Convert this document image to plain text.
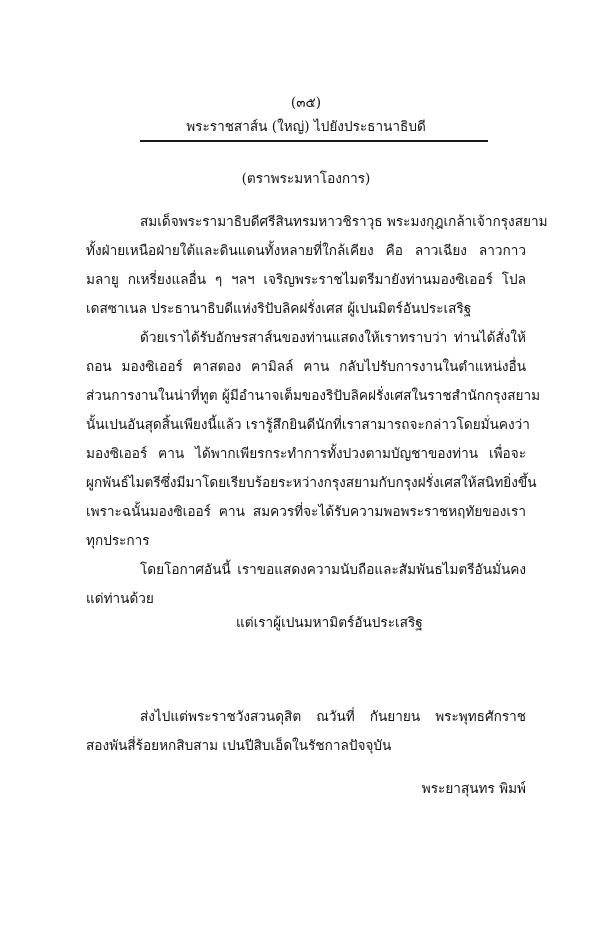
(๓๕)
พระราชสาส์น (ใหญ่) ไปยังประธานาธิบดี
(ตราพระมหาโองการ)
สมเด็จพระรามาธิบดีศรีสินทรมหาวชิราวุธ พระมงกุฎเกล้าเจ้ากรุงสยาม
ทั้งฝ่ายเหนือฝ่ายใต้และดินแดนทั้งหลายที่ใกล้เคียง คือ ลาวเฉียง ลาวกาว
มลายู กเหรี่ยงแลอื่น ๆ ฯลฯ เจริญพระราชไมตรีมายังท่านมองซิเออร์ โปล
เดสซาเนล ประธานาธิบดีแห่งริปับลิคฝรั่งเศส ผู้เปนมิตร์อันประเสริฐ
ด้วยเราได้รับอักษรสาส์นของท่านแสดงให้เราทราบว่า ท่านได้สั่งให้
ถอน มองซิเออร์ ฅาสตอง ฅามิลล์ ฅาน กลับไปรับการงานในตำแหน่งอื่น
ส่วนการงานในน่าที่ทูต ผู้มีอำนาจเต็มของริปับลิคฝรั่งเศสในราชสำนักกรุงสยาม
นั้นเปนอันสุดสิ้นเพียงนี้แล้ว เรารู้สึกยินดีนักที่เราสามารถจะกล่าวโดยมั่นคงว่า
มองซิเออร์ ฅาน ได้พากเพียรกระทำการทั้งปวงตามบัญชาของท่าน เพื่อจะ
ผูกพันธ์ไมตรีซึ่งมีมาโดยเรียบร้อยระหว่างกรุงสยามกับกรุงฝรั่งเศสให้สนิทยิ่งขึ้น
เพราะฉนั้นมองซิเออร์ ฅาน สมควรที่จะได้รับความพอพระราชหฤทัยของเรา
ทุกประการ
โดยโอกาศอันนี้ เราขอแสดงความนับถือและสัมพันธไมตรีอันมั่นคง
แด่ท่านด้วย
แต่เราผู้เปนมหามิตร์อันประเสริฐ
ส่งไปแต่พระราชวังสวนดุสิต ณวันที่ กันยายน พระพุทธศักราช
สองพันสี่ร้อยหกสิบสาม เปนปีสิบเอ็ดในรัชกาลปัจจุบัน
พระยาสุนทร พิมพ์
